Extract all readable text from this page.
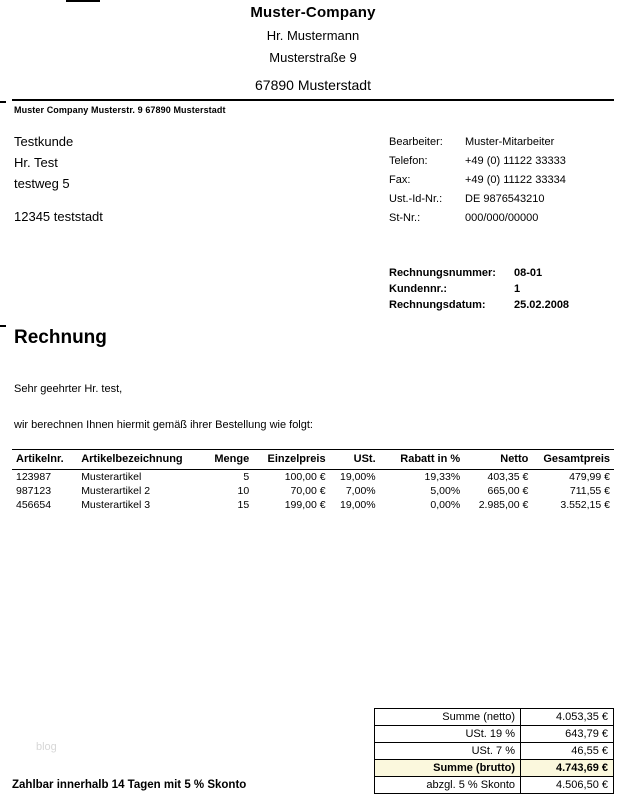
Muster-Company
Hr. Mustermann
Musterstraße 9
67890 Musterstadt
Muster Company Musterstr. 9 67890 Musterstadt
Testkunde
Hr. Test
testweg 5
12345 teststadt
Bearbeiter:	Muster-Mitarbeiter
Telefon:	+49 (0) 11122 33333
Fax:	+49 (0) 11122 33334
Ust.-Id-Nr.:	DE 9876543210
St-Nr.:	000/000/00000
Rechnungsnummer:	08-01
Kundennr.:	1
Rechnungsdatum:	25.02.2008
Rechnung
Sehr geehrter Hr. test,
wir berechnen Ihnen hiermit gemäß ihrer Bestellung wie folgt:
Artikelnr.	Artikelbezeichnung	Menge	Einzelpreis	USt.	Rabatt in %	Netto	Gesamtpreis
123987	Musterartikel	5	100,00 €	19,00%	19,33%	403,35 €	479,99 €
987123	Musterartikel 2	10	70,00 €	7,00%	5,00%	665,00 €	711,55 €
456654	Musterartikel 3	15	199,00 €	19,00%	0,00%	2.985,00 €	3.552,15 €
blog
Summe (netto)	4.053,35 €
USt. 19 %	643,79 €
USt. 7 %	46,55 €
Summe (brutto)	4.743,69 €
abzgl. 5 % Skonto	4.506,50 €
Zahlbar innerhalb 14 Tagen mit 5 % Skonto
